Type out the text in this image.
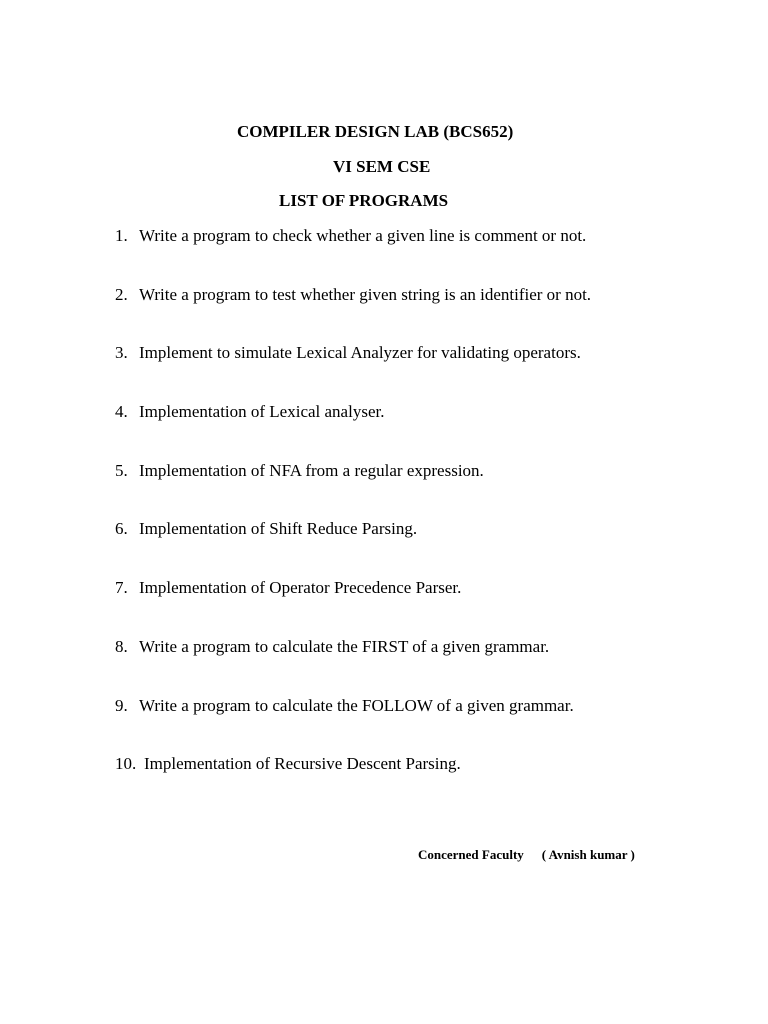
COMPILER DESIGN LAB (BCS652)
VI SEM CSE
LIST OF PROGRAMS
1. Write a program to check whether a given line is comment or not.
2. Write a program to test whether given string is an identifier or not.
3. Implement to simulate Lexical Analyzer for validating operators.
4. Implementation of Lexical analyser.
5. Implementation of NFA from a regular expression.
6. Implementation of Shift Reduce Parsing.
7. Implementation of Operator Precedence Parser.
8. Write a program to calculate the FIRST of a given grammar.
9. Write a program to calculate the FOLLOW of a given grammar.
10. Implementation of Recursive Descent Parsing.
Concerned Faculty ( Avnish kumar )
